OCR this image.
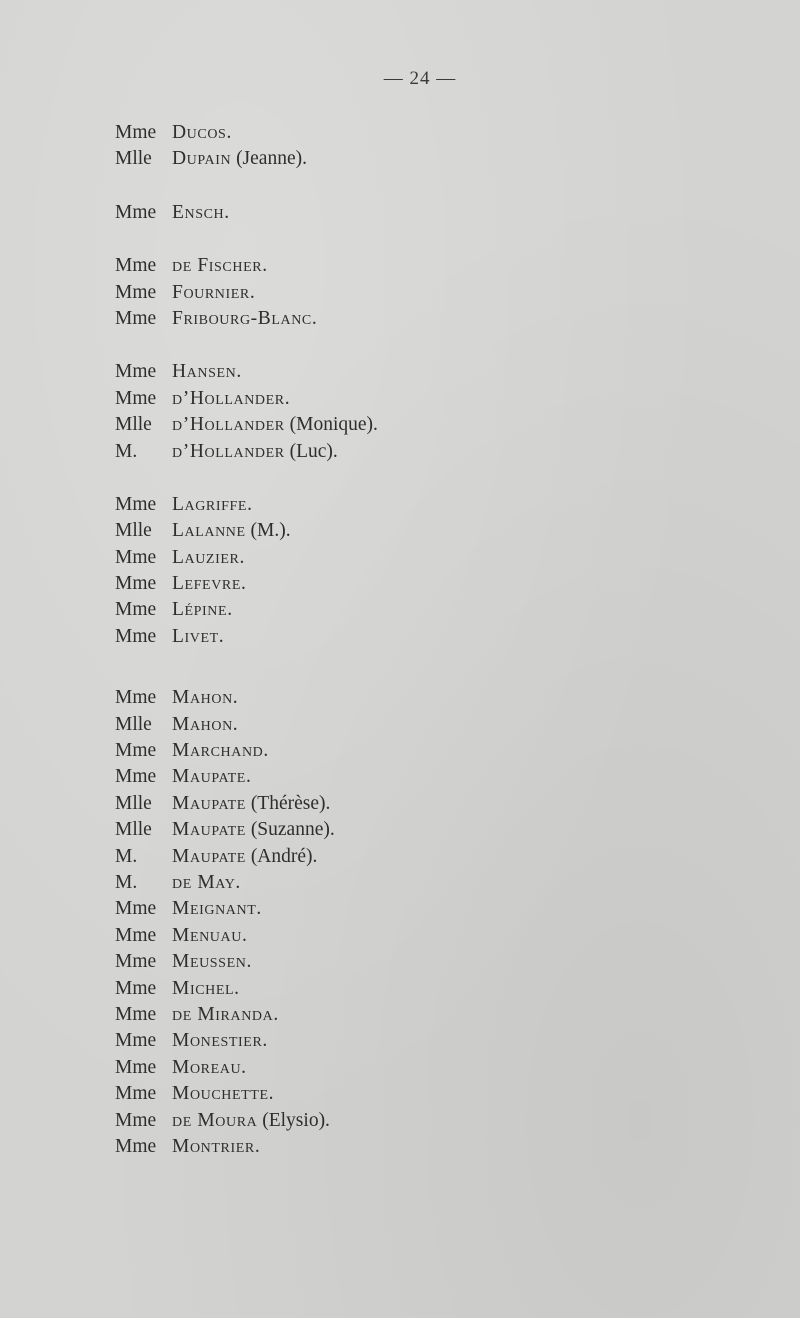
— 24 —
Mme Ducos.
Mlle	Dupain (Jeanne).
Mme Ensch.
Mme de Fischer.
Mme Fournier.
Mme Fribourg-Blanc.
Mme Hansen.
Mme d’Hollander.
Mlle	d’Hollander (Monique).
M.	d’Hollander (Luc).
Mme Lagriffe.
Mlle	Lalanne (M.).
Mme Lauzier.
Mme Lefevre.
Mme Lépine.
Mme Livet.
Mme Mahon.
Mlle	Mahon.
Mme Marchand.
Mme Maupate.
Mlle	Maupate (Thérèse).
Mlle	Maupate (Suzanne).
M.	Maupate (André).
M.	de May.
Mme Meignant.
Mme Menuau.
Mme Meussen.
Mme Michel.
Mme de Miranda.
Mme Monestier.
Mme Moreau.
Mme Mouchette.
Mme de Moura (Elysio).
Mme Montrier.
